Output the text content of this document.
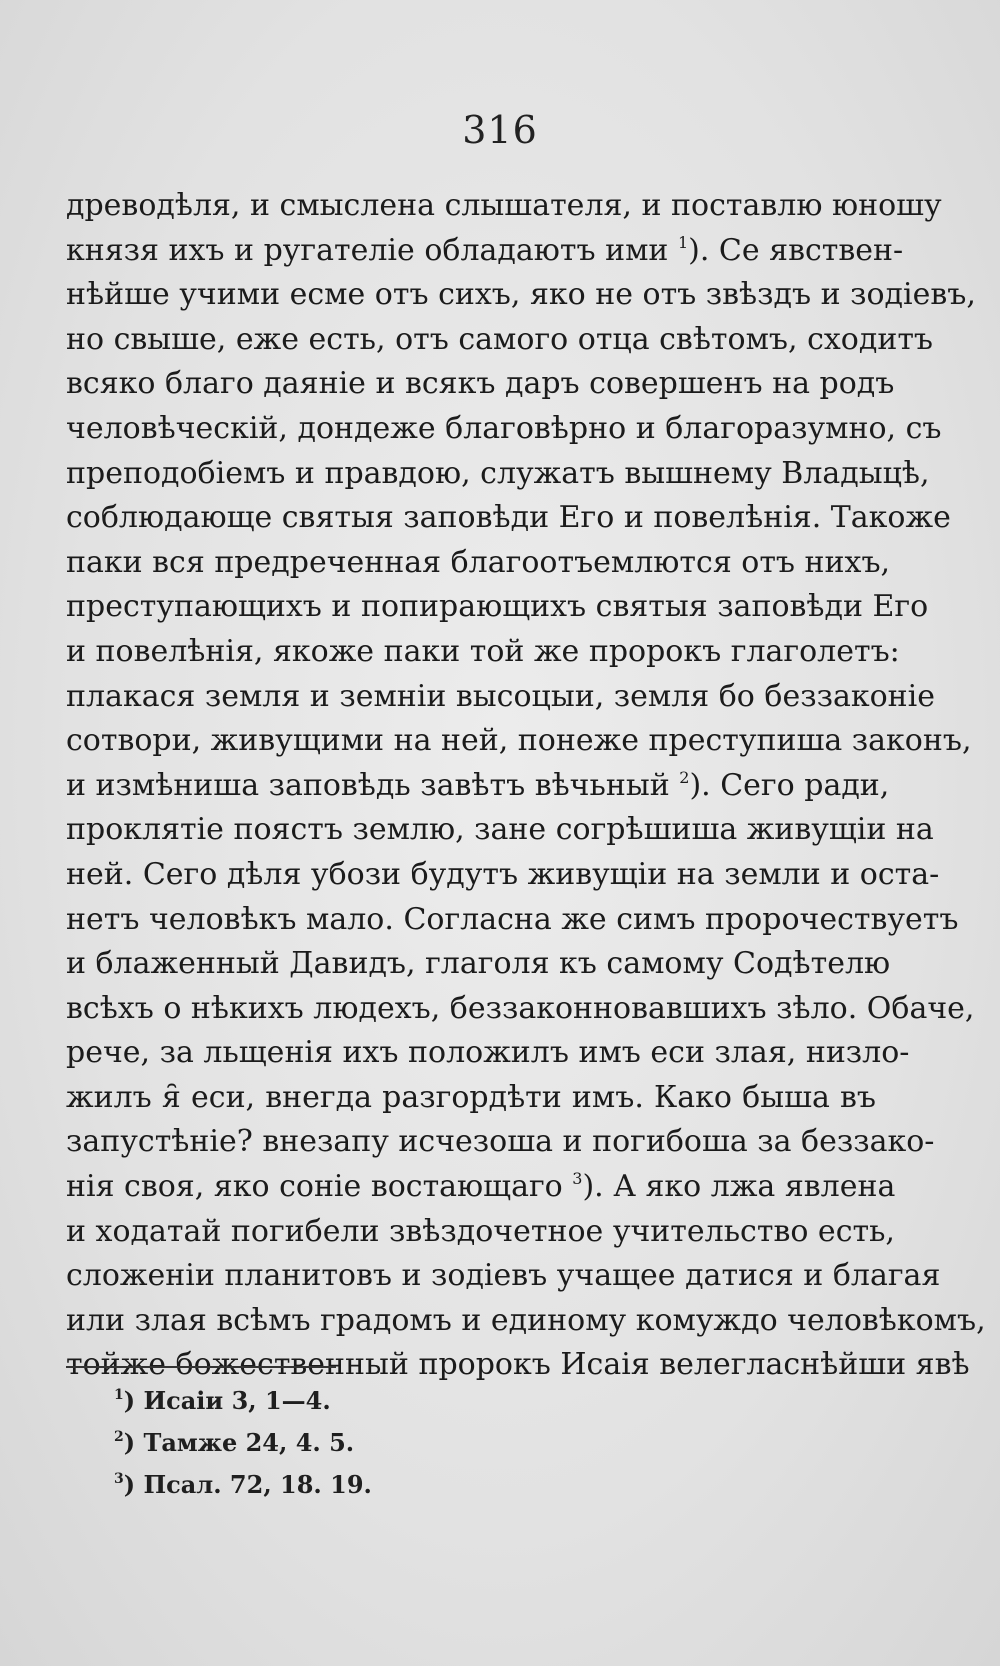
316
древодѣля, и смыслена слышателя, и поставлю юношу
князя ихъ и ругателіе обладаютъ ими $^1$). Се явствен-
нѣйше учими есме отъ сихъ, яко не отъ звѣздъ и зодіевъ,
но свыше, еже есть, отъ самого отца свѣтомъ, сходитъ
всяко благо даяніе и всякъ даръ совершенъ на родъ
человѣческій, дондеже благовѣрно и благоразумно, съ
преподобіемъ и правдою, служатъ вышнему Владыцѣ,
соблюдающе святыя заповѣди Его и повелѣнія. Такоже
паки вся предреченная благоотъемлются отъ нихъ,
преступающихъ и попирающихъ святыя заповѣди Его
и повелѣнія, якоже паки той же пророкъ глаголетъ:
плакася земля и земніи высоцыи, земля бо беззаконіе
сотвори, живущими на ней, понеже преступиша законъ,
и измѣниша заповѣдь завѣтъ вѣчьный $^2$). Сего ради,
проклятіе поястъ землю, зане согрѣшиша живущіи на
ней. Сего дѣля убози будутъ живущіи на земли и оста-
нетъ человѣкъ мало. Согласна же симъ пророчествуетъ
и блаженный Давидъ, глаголя къ самому Содѣтелю
всѣхъ о нѣкихъ людехъ, беззаконновавшихъ зѣло. Обаче,
рече, за льщенія ихъ положилъ имъ еси злая, низло-
жилъ я̑ еси, внегда разгордѣти имъ. Како быша въ
запустѣніе? внезапу исчезоша и погибоша за беззако-
нія своя, яко соніе востающаго $^3$). А яко лжа явлена
и ходатай погибели звѣздочетное учительство есть,
сложеніи планитовъ и зодіевъ учащее датися и благая
или злая всѣмъ градомъ и единому комуждо человѣкомъ,
тойже божественный пророкъ Исаія велегласнѣйши явѣ
$^1$) Исаіи 3, 1—4.
$^2$) Тамже 24, 4. 5.
$^3$) Псал. 72, 18. 19.
